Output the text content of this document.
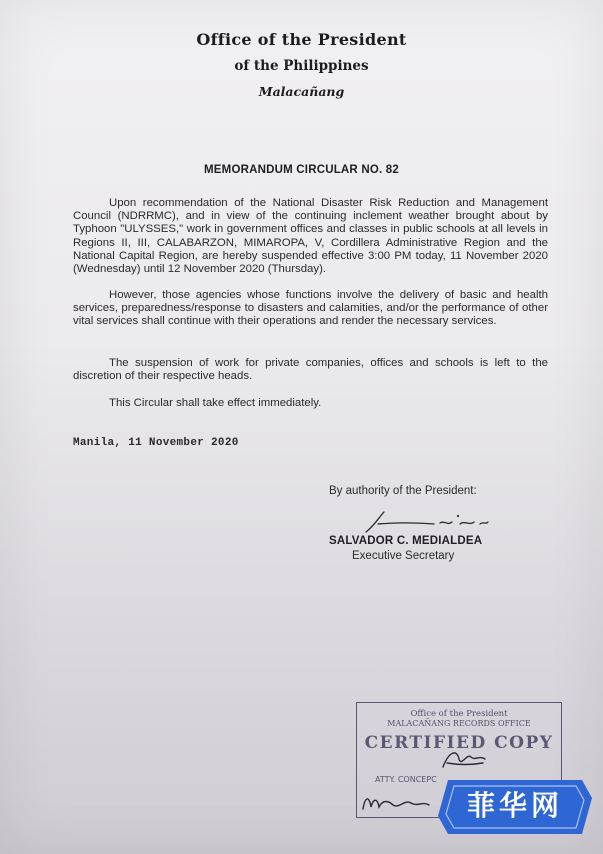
Office of the President
of the Philippines
Malacañang
MEMORANDUM CIRCULAR NO. 82
Upon recommendation of the National Disaster Risk Reduction and Management Council (NDRRMC), and in view of the continuing inclement weather brought about by Typhoon "ULYSSES," work in government offices and classes in public schools at all levels in Regions II, III, CALABARZON, MIMAROPA, V, Cordillera Administrative Region and the National Capital Region, are hereby suspended effective 3:00 PM today, 11 November 2020 (Wednesday) until 12 November 2020 (Thursday).
However, those agencies whose functions involve the delivery of basic and health services, preparedness/response to disasters and calamities, and/or the performance of other vital services shall continue with their operations and render the necessary services.
The suspension of work for private companies, offices and schools is left to the discretion of their respective heads.
This Circular shall take effect immediately.
Manila, 11 November 2020
By authority of the President:
SALVADOR C. MEDIALDEA
Executive Secretary
Office of the President
MALACAÑANG RECORDS OFFICE
CERTIFIED COPY
ATTY. CONCEPC
菲华网
